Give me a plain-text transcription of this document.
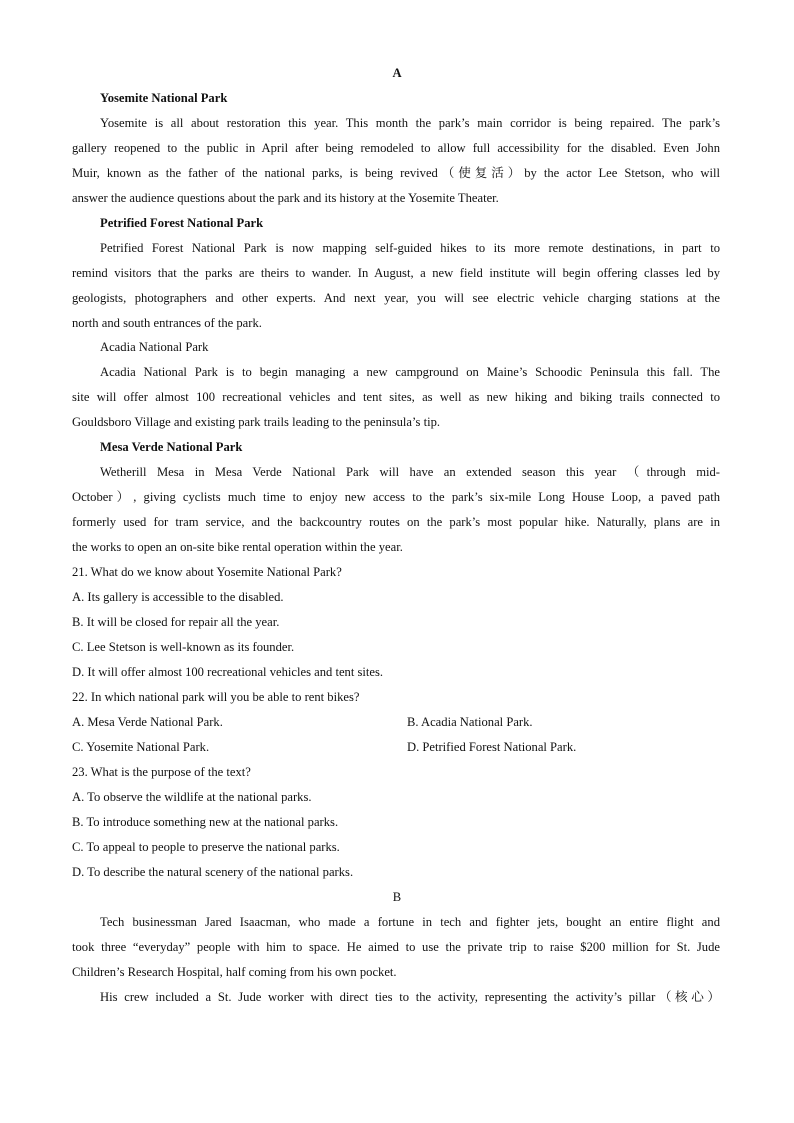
A
Yosemite National Park
Yosemite is all about restoration this year. This month the park’s main corridor is being repaired. The park’s
gallery reopened to the public in April after being remodeled to allow full accessibility for the disabled. Even John
Muir, known as the father of the national parks, is being revived（使复活）by the actor Lee Stetson, who will
answer the audience questions about the park and its history at the Yosemite Theater.
Petrified Forest National Park
Petrified Forest National Park is now mapping self-guided hikes to its more remote destinations, in part to
remind visitors that the parks are theirs to wander. In August, a new field institute will begin offering classes led by
geologists, photographers and other experts. And next year, you will see electric vehicle charging stations at the
north and south entrances of the park.
Acadia National Park
Acadia National Park is to begin managing a new campground on Maine’s Schoodic Peninsula this fall. The
site will offer almost 100 recreational vehicles and tent sites, as well as new hiking and biking trails connected to
Gouldsboro Village and existing park trails leading to the peninsula’s tip.
Mesa Verde National Park
Wetherill Mesa in Mesa Verde National Park will have an extended season this year （through mid-
October）, giving cyclists much time to enjoy new access to the park’s six-mile Long House Loop, a paved path
formerly used for tram service, and the backcountry routes on the park’s most popular hike. Naturally, plans are in
the works to open an on-site bike rental operation within the year.
21. What do we know about Yosemite National Park?
A. Its gallery is accessible to the disabled.
B. It will be closed for repair all the year.
C. Lee Stetson is well-known as its founder.
D. It will offer almost 100 recreational vehicles and tent sites.
22. In which national park will you be able to rent bikes?
A. Mesa Verde National Park.	B. Acadia National Park.
C. Yosemite National Park.	D. Petrified Forest National Park.
23. What is the purpose of the text?
A. To observe the wildlife at the national parks.
B. To introduce something new at the national parks.
C. To appeal to people to preserve the national parks.
D. To describe the natural scenery of the national parks.
B
Tech businessman Jared Isaacman, who made a fortune in tech and fighter jets, bought an entire flight and
took three “everyday” people with him to space. He aimed to use the private trip to raise $200 million for St. Jude
Children’s Research Hospital, half coming from his own pocket.
His crew included a St. Jude worker with direct ties to the activity, representing the activity’s pillar（核心）
